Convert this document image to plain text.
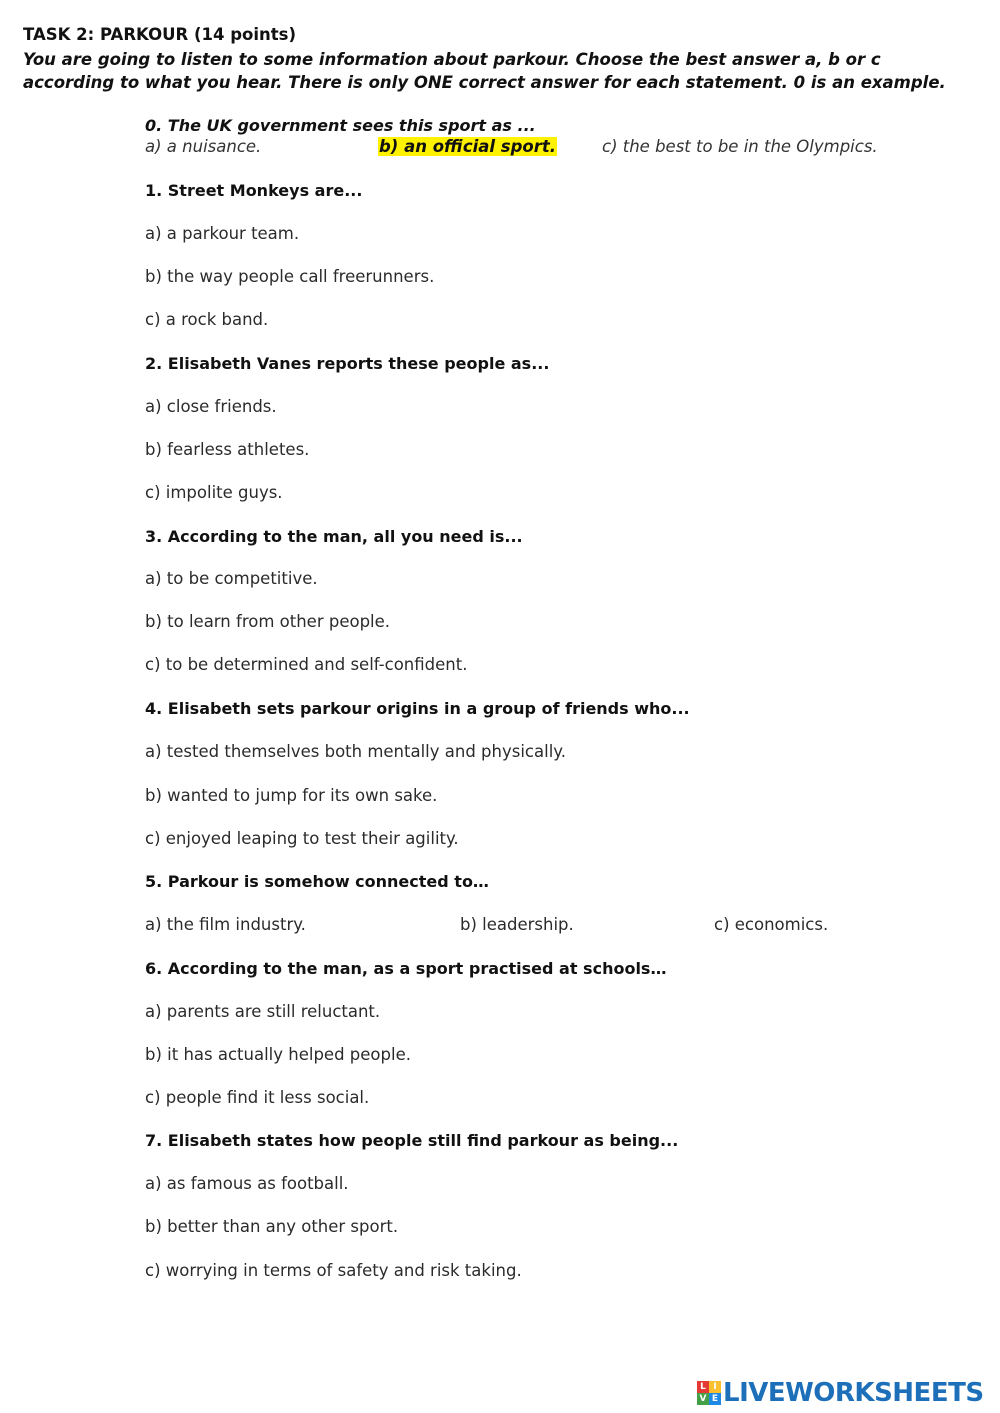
TASK 2: PARKOUR (14 points)
You are going to listen to some information about parkour. Choose the best answer a, b or c according to what you hear. There is only ONE correct answer for each statement. 0 is an example.
0. The UK government sees this sport as ...
a) a nuisance.	b) an official sport.	c) the best to be in the Olympics.
1. Street Monkeys are...
a) a parkour team.
b) the way people call freerunners.
c) a rock band.
2. Elisabeth Vanes reports these people as...
a) close friends.
b) fearless athletes.
c) impolite guys.
3. According to the man, all you need is...
a) to be competitive.
b) to learn from other people.
c) to be determined and self-confident.
4. Elisabeth sets parkour origins in a group of friends who...
a) tested themselves both mentally and physically.
b) wanted to jump for its own sake.
c) enjoyed leaping to test their agility.
5. Parkour is somehow connected to…
a) the film industry.	b) leadership.	c) economics.
6. According to the man, as a sport practised at schools…
a) parents are still reluctant.
b) it has actually helped people.
c) people find it less social.
7. Elisabeth states how people still find parkour as being...
a) as famous as football.
b) better than any other sport.
c) worrying in terms of safety and risk taking.
L I
V E LIVEWORKSHEETS
